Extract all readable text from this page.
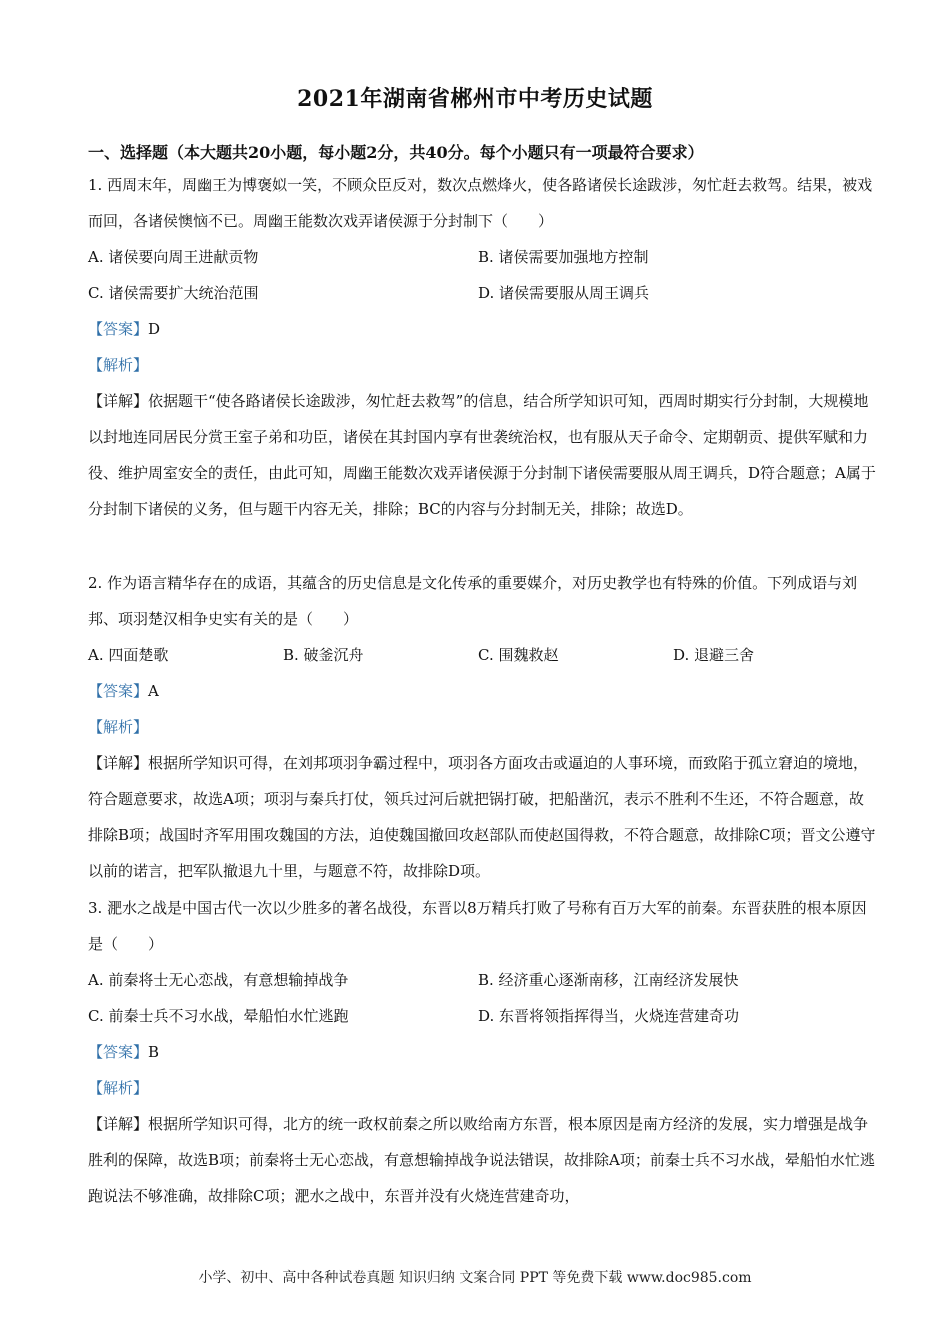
2021年湖南省郴州市中考历史试题
一、选择题（本大题共20小题，每小题2分，共40分。每个小题只有一项最符合要求）

1. 西周末年，周幽王为博褒姒一笑，不顾众臣反对，数次点燃烽火，使各路诸侯长途跋涉，匆忙赶去救驾。结果，被戏而回，各诸侯懊恼不已。周幽王能数次戏弄诸侯源于分封制下（　　）

A. 诸侯要向周王进献贡物	B. 诸侯需要加强地方控制
C. 诸侯需要扩大统治范围	D. 诸侯需要服从周王调兵
【答案】D
【解析】

【详解】依据题干“使各路诸侯长途跋涉，匆忙赶去救驾”的信息，结合所学知识可知，西周时期实行分封制，大规模地以封地连同居民分赏王室子弟和功臣，诸侯在其封国内享有世袭统治权，也有服从天子命令、定期朝贡、提供军赋和力役、维护周室安全的责任，由此可知，周幽王能数次戏弄诸侯源于分封制下诸侯需要服从周王调兵，D符合题意；A属于分封制下诸侯的义务，但与题干内容无关，排除；BC的内容与分封制无关，排除；故选D。

2. 作为语言精华存在的成语，其蕴含的历史信息是文化传承的重要媒介，对历史教学也有特殊的价值。下列成语与刘邦、项羽楚汉相争史实有关的是（　　）

A. 四面楚歌	B. 破釜沉舟	C. 围魏救赵	D. 退避三舍
【答案】A
【解析】

【详解】根据所学知识可得，在刘邦项羽争霸过程中，项羽各方面攻击或逼迫的人事环境，而致陷于孤立窘迫的境地，符合题意要求，故选A项；项羽与秦兵打仗，领兵过河后就把锅打破，把船凿沉，表示不胜利不生还，不符合题意，故排除B项；战国时齐军用围攻魏国的方法，迫使魏国撤回攻赵部队而使赵国得救，不符合题意，故排除C项；晋文公遵守以前的诺言，把军队撤退九十里，与题意不符，故排除D项。

3. 淝水之战是中国古代一次以少胜多的著名战役，东晋以8万精兵打败了号称有百万大军的前秦。东晋获胜的根本原因是（　　）

A. 前秦将士无心恋战，有意想输掉战争	B. 经济重心逐渐南移，江南经济发展快
C. 前秦士兵不习水战，晕船怕水忙逃跑	D. 东晋将领指挥得当，火烧连营建奇功
【答案】B
【解析】

【详解】根据所学知识可得，北方的统一政权前秦之所以败给南方东晋，根本原因是南方经济的发展，实力增强是战争胜利的保障，故选B项；前秦将士无心恋战，有意想输掉战争说法错误，故排除A项；前秦士兵不习水战，晕船怕水忙逃跑说法不够准确，故排除C项；淝水之战中，东晋并没有火烧连营建奇功，

小学、初中、高中各种试卷真题 知识归纳 文案合同 PPT 等免费下载 www.doc985.com
